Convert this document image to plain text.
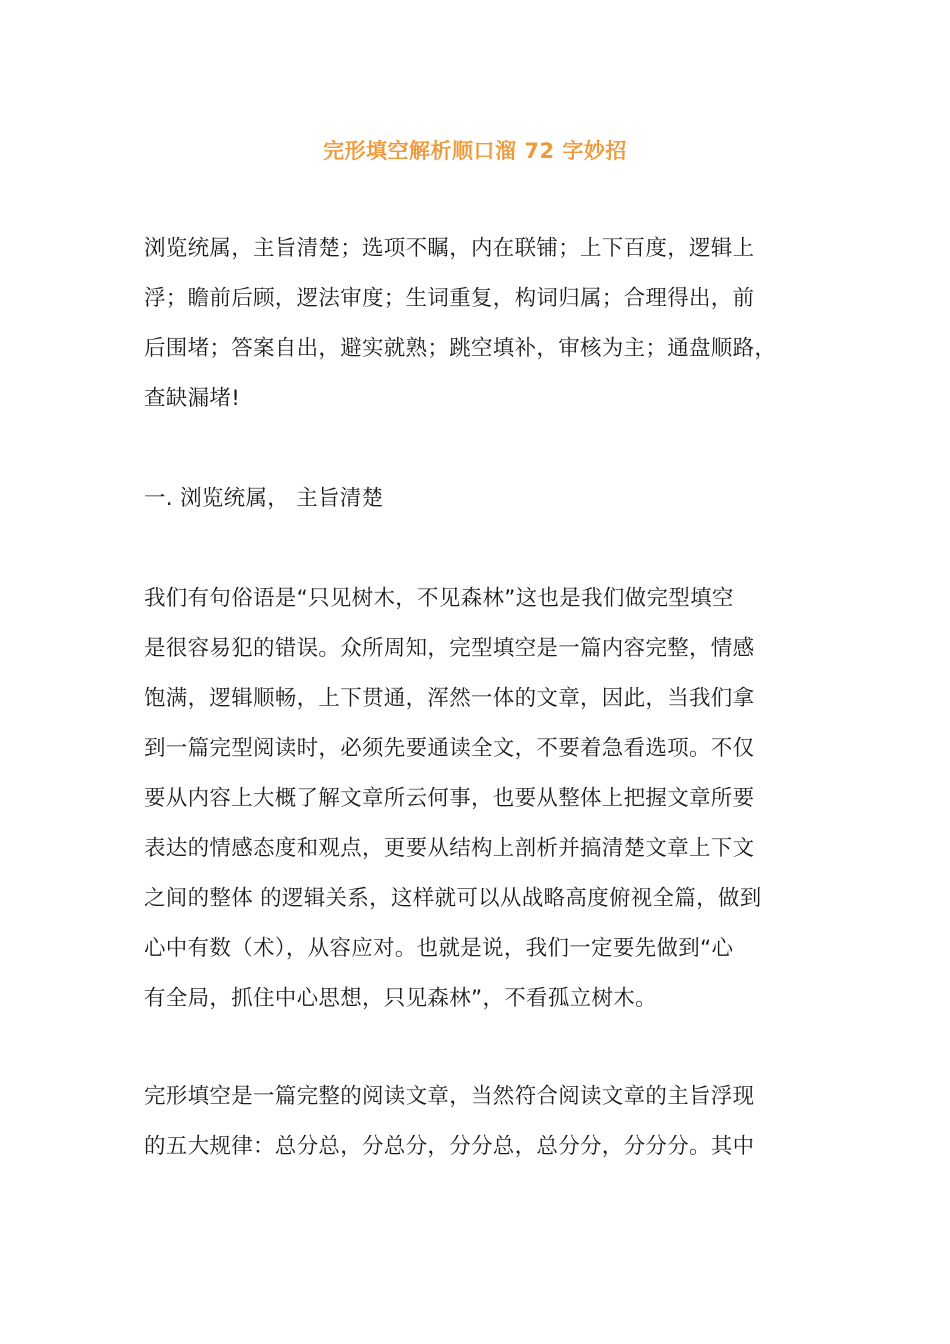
完形填空解析顺口溜 72 字妙招
浏览统属，主旨清楚；选项不瞩，内在联铺；上下百度，逻辑上
浮；瞻前后顾，逻法审度；生词重复，构词归属；合理得出，前
后围堵；答案自出，避实就熟；跳空填补，审核为主；通盘顺路，
查缺漏堵!
一. 浏览统属， 主旨清楚
我们有句俗语是“只见树木，不见森林”这也是我们做完型填空
是很容易犯的错误。众所周知，完型填空是一篇内容完整，情感
饱满，逻辑顺畅，上下贯通，浑然一体的文章，因此，当我们拿
到一篇完型阅读时，必须先要通读全文，不要着急看选项。不仅
要从内容上大概了解文章所云何事，也要从整体上把握文章所要
表达的情感态度和观点，更要从结构上剖析并搞清楚文章上下文
之间的整体 的逻辑关系，这样就可以从战略高度俯视全篇，做到
心中有数（术），从容应对。也就是说，我们一定要先做到“心
有全局，抓住中心思想，只见森林”，不看孤立树木。
完形填空是一篇完整的阅读文章，当然符合阅读文章的主旨浮现
的五大规律：总分总，分总分，分分总，总分分，分分分。其中
